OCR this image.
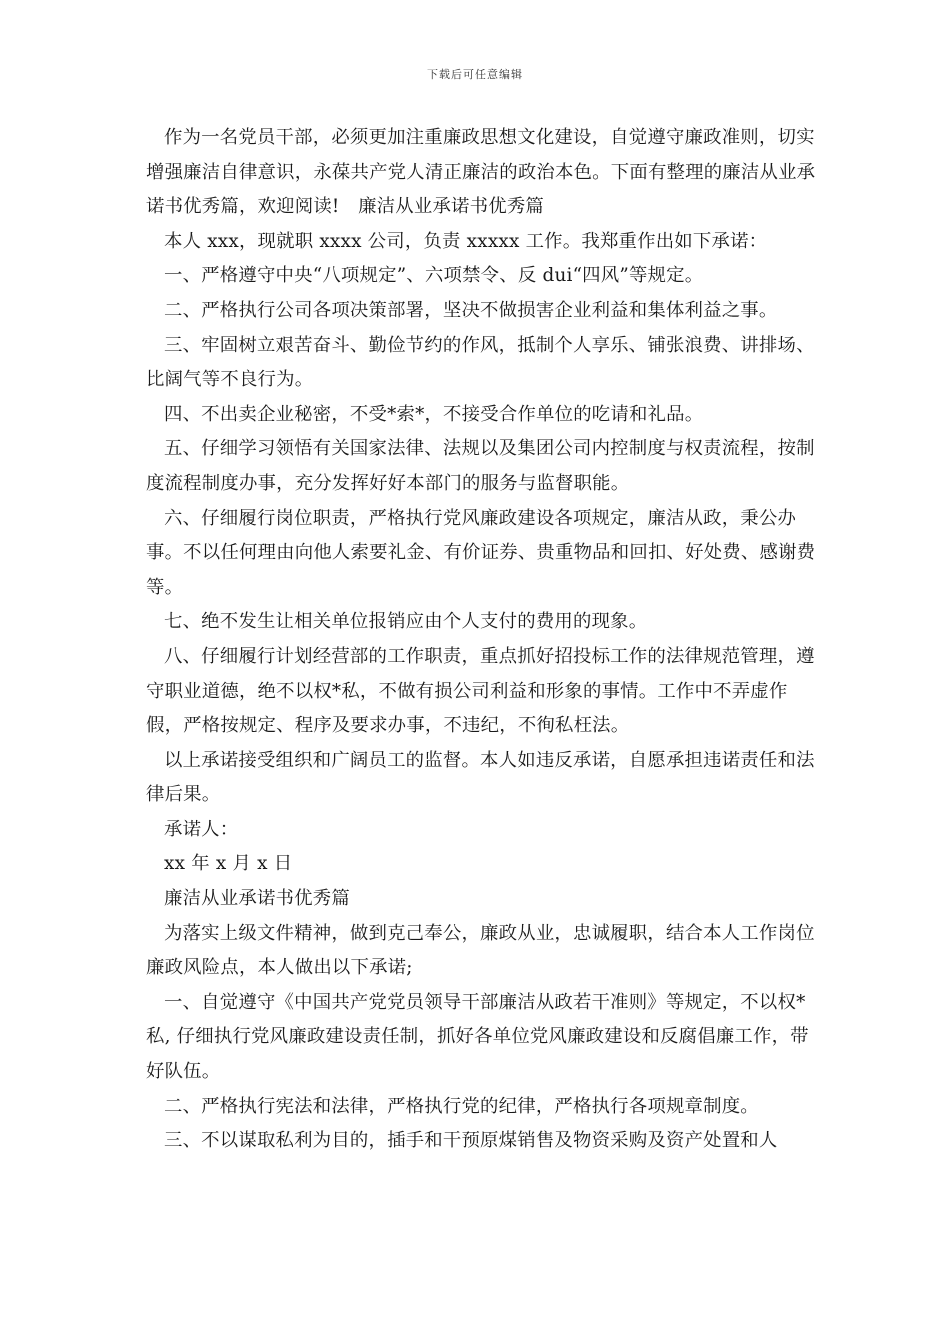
下载后可任意编辑

作为一名党员干部，必须更加注重廉政思想文化建设，自觉遵守廉政准则，切实增强廉洁自律意识，永葆共产党人清正廉洁的政治本色。下面有整理的廉洁从业承诺书优秀篇，欢迎阅读!　廉洁从业承诺书优秀篇

本人 xxx，现就职 xxxx 公司，负责 xxxxx 工作。我郑重作出如下承诺：

一、严格遵守中央“八项规定”、六项禁令、反 dui“四风”等规定。

二、严格执行公司各项决策部署，坚决不做损害企业利益和集体利益之事。

三、牢固树立艰苦奋斗、勤俭节约的作风，抵制个人享乐、铺张浪费、讲排场、比阔气等不良行为。

四、不出卖企业秘密，不受*索*，不接受合作单位的吃请和礼品。

五、仔细学习领悟有关国家法律、法规以及集团公司内控制度与权责流程，按制度流程制度办事，充分发挥好好本部门的服务与监督职能。

六、仔细履行岗位职责，严格执行党风廉政建设各项规定，廉洁从政，秉公办事。不以任何理由向他人索要礼金、有价证券、贵重物品和回扣、好处费、感谢费等。

七、绝不发生让相关单位报销应由个人支付的费用的现象。

八、仔细履行计划经营部的工作职责，重点抓好招投标工作的法律规范管理，遵守职业道德，绝不以权*私，不做有损公司利益和形象的事情。工作中不弄虚作假，严格按规定、程序及要求办事，不违纪，不徇私枉法。

以上承诺接受组织和广阔员工的监督。本人如违反承诺，自愿承担违诺责任和法律后果。

承诺人：

xx 年 x 月 x 日

廉洁从业承诺书优秀篇

为落实上级文件精神，做到克己奉公，廉政从业，忠诚履职，结合本人工作岗位廉政风险点，本人做出以下承诺;

一、自觉遵守《中国共产党党员领导干部廉洁从政若干准则》等规定，不以权*私, 仔细执行党风廉政建设责任制，抓好各单位党风廉政建设和反腐倡廉工作，带好队伍。

二、严格执行宪法和法律，严格执行党的纪律，严格执行各项规章制度。

三、不以谋取私利为目的，插手和干预原煤销售及物资采购及资产处置和人
